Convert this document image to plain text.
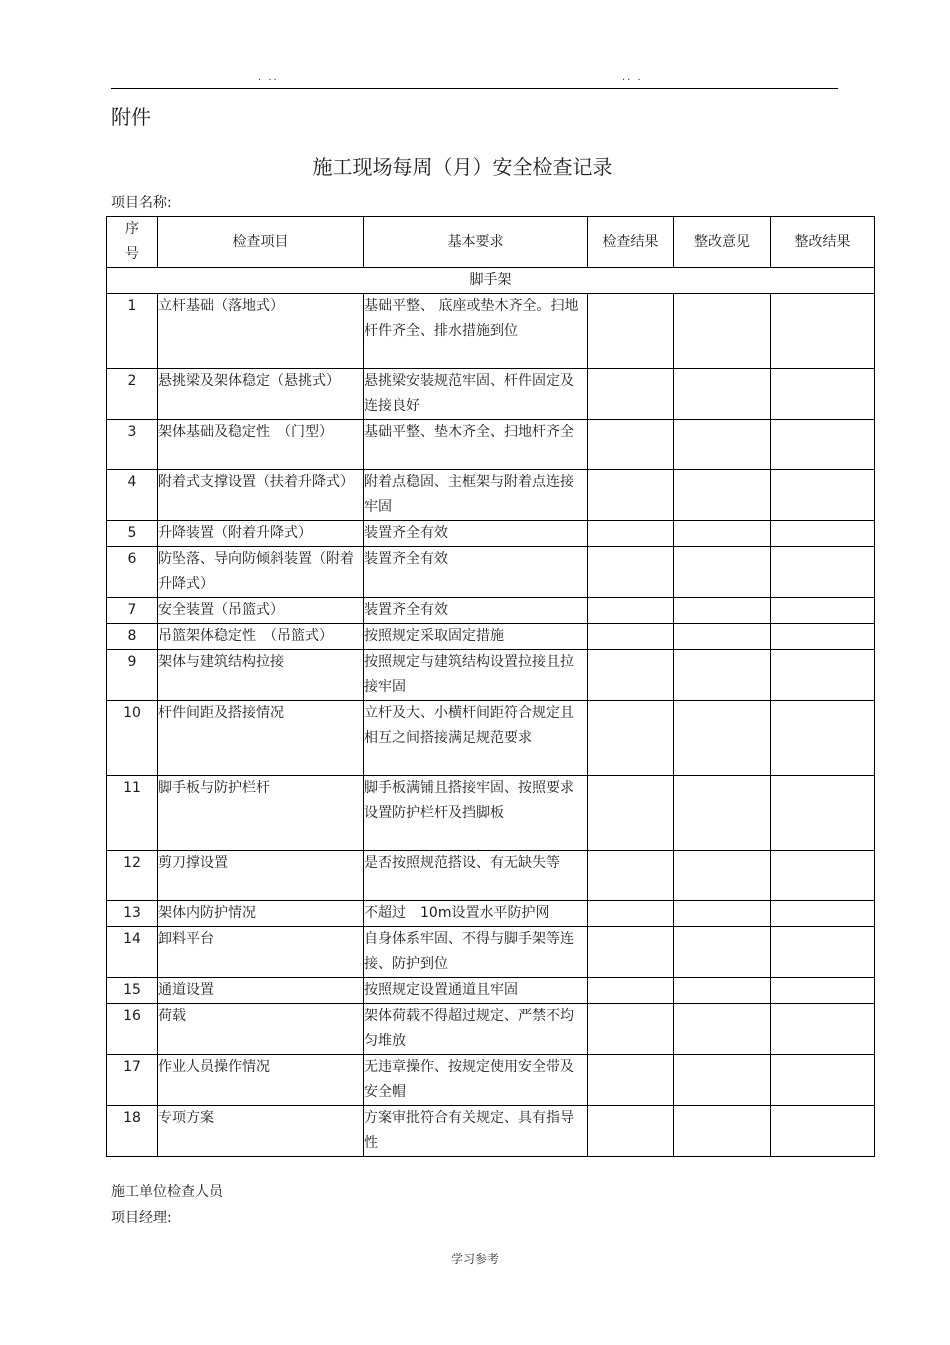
. ..	.. .
附件
施工现场每周（月）安全检查记录
项目名称:
序
号	检查项目	基本要求	检查结果	整改意见	整改结果
脚手架					
1	立杆基础（落地式）	基础平整、 底座或垫木齐全。扫地杆件齐全、排水措施到位			
2	悬挑梁及架体稳定（悬挑式）	悬挑梁安装规范牢固、杆件固定及连接良好			
3	架体基础及稳定性　（门型）	基础平整、垫木齐全、扫地杆齐全			
4	附着式支撑设置（扶着升降式）	附着点稳固、主框架与附着点连接牢固			
5	升降装置（附着升降式）	装置齐全有效			
6	防坠落、导向防倾斜装置（附着升降式）	装置齐全有效			
7	安全装置（吊篮式）	装置齐全有效			
8	吊篮架体稳定性　（吊篮式）	按照规定采取固定措施			
9	架体与建筑结构拉接	按照规定与建筑结构设置拉接且拉接牢固			
10	杆件间距及搭接情况	立杆及大、小横杆间距符合规定且相互之间搭接满足规范要求			
11	脚手板与防护栏杆	脚手板满铺且搭接牢固、按照要求设置防护栏杆及挡脚板			
12	剪刀撑设置	是否按照规范搭设、有无缺失等			
13	架体内防护情况	不超过　10m设置水平防护网			
14	卸料平台	自身体系牢固、不得与脚手架等连接、防护到位			
15	通道设置	按照规定设置通道且牢固			
16	荷载	架体荷载不得超过规定、严禁不均匀堆放			
17	作业人员操作情况	无违章操作、按规定使用安全带及安全帽			
18	专项方案	方案审批符合有关规定、具有指导性			
施工单位检查人员
项目经理:
学习参考
